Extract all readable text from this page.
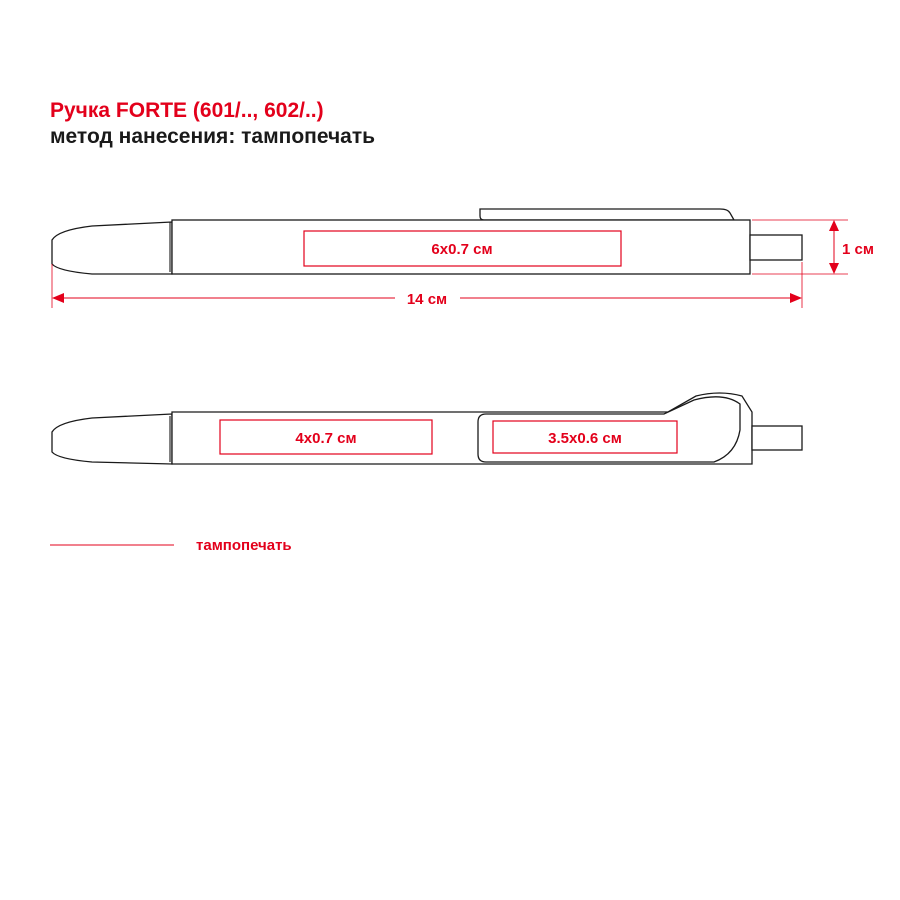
Ручка FORTE (601/.., 602/..)
метод нанесения: тампопечать
6x0.7 см
14 см
1 см
4x0.7 см	3.5x0.6 см
тампопечать
